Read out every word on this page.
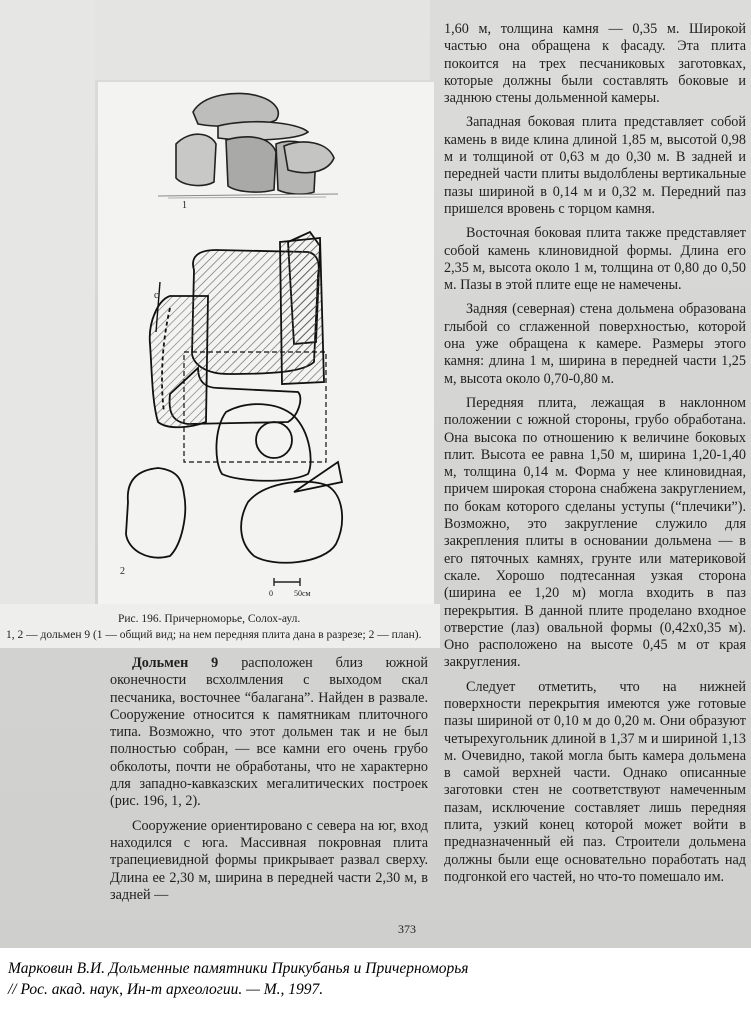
1
с
2
0	50см
Рис. 196. Причерноморье, Солох-аул.
1, 2 — дольмен 9 (1 — общий вид; на нем передняя плита дана в разрезе; 2 — план).

1,60 м, толщина камня — 0,35 м. Широкой частью она обращена к фасаду. Эта плита покоится на трех песчаниковых заготовках, которые должны были составлять боковые и заднюю стены дольменной камеры.

Западная боковая плита представляет собой камень в виде клина длиной 1,85 м, высотой 0,98 м и толщиной от 0,63 м до 0,30 м. В задней и передней части плиты выдолблены вертикальные пазы шириной в 0,14 м и 0,32 м. Передний паз пришелся вровень с торцом камня.

Восточная боковая плита также представляет собой камень клиновидной формы. Длина его 2,35 м, высота около 1 м, толщина от 0,80 до 0,50 м. Пазы в этой плите еще не намечены.

Задняя (северная) стена дольмена образована глыбой со сглаженной поверхностью, которой она уже обращена к камере. Размеры этого камня: длина 1 м, ширина в передней части 1,25 м, высота около 0,70-0,80 м.

Передняя плита, лежащая в наклонном положении с южной стороны, грубо обработана. Она высока по отношению к величине боковых плит. Высота ее равна 1,50 м, ширина 1,20-1,40 м, толщина 0,14 м. Форма у нее клиновидная, причем широкая сторона снабжена закруглением, по бокам которого сделаны уступы (“плечики”). Возможно, это закругление служило для закрепления плиты в основании дольмена — в его пяточных камнях, грунте или материковой скале. Хорошо подтесанная узкая сторона (ширина ее 1,20 м) могла входить в паз перекрытия. В данной плите проделано входное отверстие (лаз) овальной формы (0,42х0,35 м). Оно расположено на высоте 0,45 м от края закругления.

Следует отметить, что на нижней поверхности перекрытия имеются уже готовые пазы шириной от 0,10 м до 0,20 м. Они образуют четырехугольник длиной в 1,37 м и шириной 1,13 м. Очевидно, такой могла быть камера дольмена в самой верхней части. Однако описанные заготовки стен не соответствуют намеченным пазам, исключение составляет лишь передняя плита, узкий конец которой может войти в предназначенный ей паз. Строители дольмена должны были еще основательно поработать над подгонкой его частей, но что-то помешало им.

Дольмен 9 расположен близ южной оконечности всхолмления с выходом скал песчаника, восточнее “балагана”. Найден в развале. Сооружение относится к памятникам плиточного типа. Возможно, что этот дольмен так и не был полностью собран, — все камни его очень грубо обколоты, почти не обработаны, что не характерно для западно-кавказских мегалитических построек (рис. 196, 1, 2).

Сооружение ориентировано с севера на юг, вход находился с юга. Массивная покровная плита трапециевидной формы прикрывает развал сверху. Длина ее 2,30 м, ширина в передней части 2,30 м, в задней —

373
Марковин В.И. Дольменные памятники Прикубанья и Причерноморья
// Рос. акад. наук, Ин-т археологии. — М., 1997.
